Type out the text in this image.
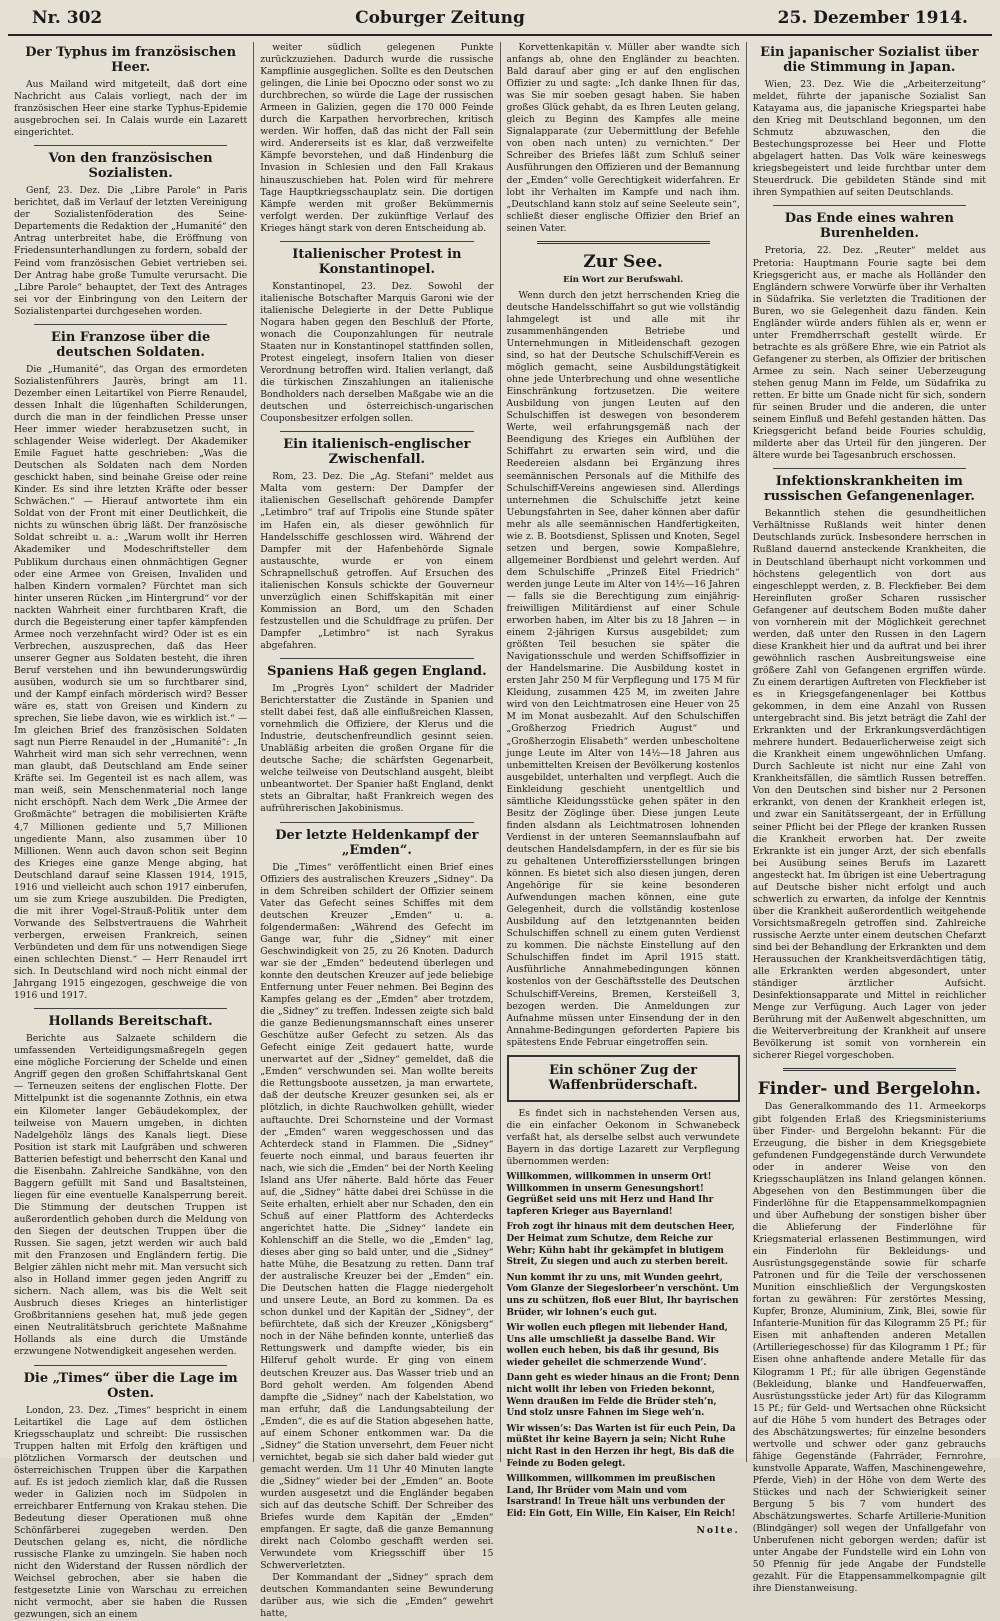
Nr. 302	Coburger Zeitung	25. Dezember 1914.
Der Typhus im französischen Heer.

Aus Mailand wird mitgeteilt, daß dort eine Nachricht aus Calais vorliegt, nach der im französischen Heer eine starke Typhus-Epidemie ausgebrochen sei. In Calais wurde ein Lazarett eingerichtet.

Von den französischen Sozialisten.

Genf, 23. Dez. Die „Libre Parole“ in Paris berichtet, daß im Verlauf der letzten Vereinigung der Sozialistenföderation des Seine-Departements die Redaktion der „Humanité“ den Antrag unterbreitet habe, die Eröffnung von Friedensunterhandlungen zu fordern, sobald der Feind vom französischen Gebiet vertrieben sei. Der Antrag habe große Tumulte verursacht. Die „Libre Parole“ behauptet, der Text des Antrages sei vor der Einbringung von den Leitern der Sozialistenpartei durchgesehen worden.

Ein Franzose über die deutschen Soldaten.

Die „Humanité“, das Organ des ermordeten Sozialistenführers Jaurès, bringt am 11. Dezember einen Leitartikel von Pierre Renaudel, dessen Inhalt die lügenhaften Schilderungen, durch die man in der feindlichen Presse unser Heer immer wieder herabzusetzen sucht, in schlagender Weise widerlegt. Der Akademiker Emile Faguet hatte geschrieben: „Was die Deutschen als Soldaten nach dem Norden geschickt haben, sind beinahe Greise oder reine Kinder. Es sind ihre letzten Kräfte oder besser Schwächen.“ — Hierauf antwortete ihm ein Soldat von der Front mit einer Deutlichkeit, die nichts zu wünschen übrig läßt. Der französische Soldat schreibt u. a.: „Warum wollt ihr Herren Akademiker und Modeschriftsteller dem Publikum durchaus einen ohnmächtigen Gegner oder eine Armee von Greisen, Invaliden und halben Kindern vormalen? Fürchtet man sich hinter unseren Rücken „im Hintergrund“ vor der nackten Wahrheit einer furchtbaren Kraft, die durch die Begeisterung einer tapfer kämpfenden Armee noch verzehnfacht wird? Oder ist es ein Verbrechen, auszusprechen, daß das Heer unserer Gegner aus Soldaten besteht, die ihren Beruf verstehen und ihn bewunderungswürdig ausüben, wodurch sie um so furchtbarer sind, und der Kampf einfach mörderisch wird? Besser wäre es, statt von Greisen und Kindern zu sprechen, Sie liebe davon, wie es wirklich ist.“ — Im gleichen Brief des französischen Soldaten sagt nun Pierre Renaudel in der „Humanité“: „In Wahrheit wird man sich sehr verrechnen, wenn man glaubt, daß Deutschland am Ende seiner Kräfte sei. Im Gegenteil ist es nach allem, was man weiß, sein Menschenmaterial noch lange nicht erschöpft. Nach dem Werk „Die Armee der Großmächte“ betragen die mobilisierten Kräfte 4,7 Millionen gediente und 5,7 Millionen ungediente Mann, also zusammen über 10 Millionen. Wenn auch davon schon seit Beginn des Krieges eine ganze Menge abging, hat Deutschland darauf seine Klassen 1914, 1915, 1916 und vielleicht auch schon 1917 einberufen, um sie zum Kriege auszubilden. Die Predigten, die mit ihrer Vogel-Strauß-Politik unter dem Vorwande des Selbstvertrauens die Wahrheit verbergen, erweisen Frankreich, seinen Verbündeten und dem für uns notwendigen Siege einen schlechten Dienst.“ — Herr Renaudel irrt sich. In Deutschland wird noch nicht einmal der Jahrgang 1915 eingezogen, geschweige die von 1916 und 1917.

Hollands Bereitschaft.

Berichte aus Salzaete schildern die umfassenden Verteidigungsmaßregeln gegen eine mögliche Forcierung der Schelde und einen Angriff gegen den großen Schiffahrtskanal Gent — Terneuzen seitens der englischen Flotte. Der Mittelpunkt ist die sogenannte Zothnis, ein etwa ein Kilometer langer Gebäudekomplex, der teilweise von Mauern umgeben, in dichten Nadelgehölz längs des Kanals liegt. Diese Position ist stark mit Laufgräben und schweren Batterien befestigt und beherrscht den Kanal und die Eisenbahn. Zahlreiche Sandkähne, von den Baggern gefüllt mit Sand und Basaltsteinen, liegen für eine eventuelle Kanalsperrung bereit. Die Stimmung der deutschen Truppen ist außerordentlich gehoben durch die Meldung von den Siegen der deutschen Truppen über die Russen. Sie sagen, jetzt werden wir auch bald mit den Franzosen und Engländern fertig. Die Belgier zählen nicht mehr mit. Man versucht sich also in Holland immer gegen jeden Angriff zu sichern. Nach allem, was bis die Welt seit Ausbruch dieses Krieges an hinterlistiger Großbritanniens gesehen hat, muß jede gegen einen Neutralitätsbruch gerichtete Maßnahme Hollands als eine durch die Umstände erzwungene Notwendigkeit angesehen werden.

Die „Times“ über die Lage im Osten.

London, 23. Dez. „Times“ bespricht in einem Leitartikel die Lage auf dem östlichen Kriegsschauplatz und schreibt: Die russischen Truppen halten mit Erfolg den kräftigen und plötzlichen Vormarsch der deutschen und österreichischen Truppen über die Karpathen auf. Es ist jedoch ziemlich klar, daß die Russen weder in Galizien noch im Südpolen in erreichbarer Entfernung von Krakau stehen. Die Bedeutung dieser Operationen muß ohne Schönfärberei zugegeben werden. Den Deutschen gelang es, nicht, die nördliche russische Flanke zu umzingeln. Sie haben noch nicht den Widerstand der Russen nördlich der Weichsel gebrochen, aber sie haben die festgesetzte Linie von Warschau zu erreichen nicht vermocht, aber sie haben die Russen gezwungen, sich an einem

weiter südlich gelegenen Punkte zurückzuziehen. Dadurch wurde die russische Kampflinie ausgeglichen. Sollte es den Deutschen gelingen, die Linie bei Opoczno oder sonst wo zu durchbrechen, so würde die Lage der russischen Armeen in Galizien, gegen die 170 000 Feinde durch die Karpathen hervorbrechen, kritisch werden. Wir hoffen, daß das nicht der Fall sein wird. Andererseits ist es klar, daß verzweifelte Kämpfe bevorstehen, und daß Hindenburg die Invasion in Schlesien und den Fall Krakaus hinauszuschieben hat. Polen wird für mehrere Tage Hauptkriegsschauplatz sein. Die dortigen Kämpfe werden mit großer Bekümmernis verfolgt werden. Der zukünftige Verlauf des Krieges hängt stark von deren Entscheidung ab.

Italienischer Protest in Konstantinopel.

Konstantinopel, 23. Dez. Sowohl der italienische Botschafter Marquis Garoni wie der italienische Delegierte in der Dette Publique Nogara haben gegen den Beschluß der Pforte, wonach die Couponzahlungen für neutrale Staaten nur in Konstantinopel stattfinden sollen, Protest eingelegt, insofern Italien von dieser Verordnung betroffen wird. Italien verlangt, daß die türkischen Zinszahlungen an italienische Bondholders nach derselben Maßgabe wie an die deutschen und österreichisch-ungarischen Couponsbesitzer erfolgen sollen.

Ein italienisch-englischer Zwischenfall.

Rom, 23. Dez. Die „Ag. Stefani“ meldet aus Malta vom gestern: Der Dampfer der italienischen Gesellschaft gehörende Dampfer „Letimbro“ traf auf Tripolis eine Stunde später im Hafen ein, als dieser gewöhnlich für Handelsschiffe geschlossen wird. Während der Dampfer mit der Hafenbehörde Signale austauschte, wurde er von einem Schrapnellschuß getroffen. Auf Ersuchen des italienischen Konsuls schickte der Gouverneur unverzüglich einen Schiffskapitän mit einer Kommission an Bord, um den Schaden festzustellen und die Schuldfrage zu prüfen. Der Dampfer „Letimbro“ ist nach Syrakus abgefahren.

Spaniens Haß gegen England.

Im „Progrès Lyon“ schildert der Madrider Berichterstatter die Zustände in Spanien und stellt dabei fest, daß alle einflußreichen Klassen, vornehmlich die Offiziere, der Klerus und die Industrie, deutschenfreundlich gesinnt seien. Unabläßig arbeiten die großen Organe für die deutsche Sache; die schärfsten Gegenarbeit, welche teilweise von Deutschland ausgeht, bleibt unbeantwortet. Der Spanier haßt England, denkt stets an Gibraltar, haßt Frankreich wegen des aufrührerischen Jakobinismus.

Der letzte Heldenkampf der „Emden“.

Die „Times“ veröffentlicht einen Brief eines Offiziers des australischen Kreuzers „Sidney“. Da in dem Schreiben schildert der Offizier seinem Vater das Gefecht seines Schiffes mit dem deutschen Kreuzer „Emden“ u. a. folgendermaßen: „Während des Gefecht im Gange war, fuhr die „Sidney“ mit einer Geschwindigkeit von 25, zu 26 Knoten. Dadurch war sie der „Emden“ bedeutend überlegen und konnte den deutschen Kreuzer auf jede beliebige Entfernung unter Feuer nehmen. Bei Beginn des Kampfes gelang es der „Emden“ aber trotzdem, die „Sidney“ zu treffen. Indessen zeigte sich bald die ganze Bedienungsmannschaft eines unserer Geschütze außer Gefecht zu setzen. Als das Gefecht einige Zeit gedauert hatte, wurde unerwartet auf der „Sidney“ gemeldet, daß die „Emden“ verschwunden sei. Man wollte bereits die Rettungsboote aussetzen, ja man erwartete, daß der deutsche Kreuzer gesunken sei, als er plötzlich, in dichte Rauchwolken gehüllt, wieder auftauchte. Drei Schornsteine und der Vormast der „Emden“ waren weggeschossen und das Achterdeck stand in Flammen. Die „Sidney“ feuerte noch einmal, und baraus feuerten ihr nach, wie sich die „Emden“ bei der North Keeling Island ans Ufer näherte. Bald hörte das Feuer auf, die „Sidney“ hätte dabei drei Schüsse in die Seite erhalten, erhielt aber nur Schaden, den ein Schuß auf einer Plattform des Achterdecks angerichtet hatte. Die „Sidney“ landete ein Kohlenschiff an die Stelle, wo die „Emden“ lag, dieses aber ging so bald unter, und die „Sidney“ hatte Mühe, die Besatzung zu retten. Dann traf der australische Kreuzer bei der „Emden“ ein. Die Deutschen hatten die Flagge niedergeholt und unsere Leute, an Bord zu kommen. Da es schon dunkel und der Kapitän der „Sidney“, der befürchtete, daß sich der Kreuzer „Königsberg“ noch in der Nähe befinden konnte, unterließ das Rettungswerk und dampfte wieder, bis ein Hilferuf geholt wurde. Er ging von einem deutschen Kreuzer aus. Das Wasser trieb und an Bord geholt werden. Am folgenden Abend dampfte die „Sidney“ nach der Kabelstation, wo man erfuhr, daß die Landungsabteilung der „Emden“, die es auf die Station abgesehen hatte, auf einem Schoner entkommen war. Da die „Sidney“ die Station unversehrt, dem Feuer nicht vernichtet, begab sie sich daher bald wieder gut gemacht werden. Um 11 Uhr 40 Minuten langte die „Sidney“ wieder bei der „Emden“ an. Boote wurden ausgesetzt und die Engländer begaben sich auf das deutsche Schiff. Der Schreiber des Briefes wurde dem Kapitän der „Emden“ empfangen. Er sagte, daß die ganze Bemannung direkt nach Colombo geschafft werden sei. Verwundete vom Kriegsschiff über 15 Schwerverletzten.

Der Kommandant der „Sidney“ sprach dem deutschen Kommandanten seine Bewunderung darüber aus, wie sich die „Emden“ gewehrt hatte,

Korvettenkapitän v. Müller aber wandte sich anfangs ab, ohne den Engländer zu beachten. Bald darauf aber ging er auf den englischen Offizier zu und sagte: „Ich danke Ihnen für das, was Sie mir soeben gesagt haben. Sie haben großes Glück gehabt, da es Ihren Leuten gelang, gleich zu Beginn des Kampfes alle meine Signalapparate (zur Uebermittlung der Befehle von oben nach unten) zu vernichten.“ Der Schreiber des Briefes läßt zum Schluß seiner Ausführungen den Offizieren und der Bemannung der „Emden“ volle Gerechtigkeit widerfahren. Er lobt ihr Verhalten im Kampfe und nach ihm. „Deutschland kann stolz auf seine Seeleute sein“, schließt dieser englische Offizier den Brief an seinen Vater.

Zur See.
Ein Wort zur Berufswahl.

Wenn durch den jetzt herrschenden Krieg die deutsche Handelsschiffahrt so gut wie vollständig lahmgelegt ist und alle mit ihr zusammenhängenden Betriebe und Unternehmungen in Mitleidenschaft gezogen sind, so hat der Deutsche Schulschiff-Verein es möglich gemacht, seine Ausbildungstätigkeit ohne jede Unterbrechung und ohne wesentliche Einschränkung fortzusetzen. Die weitere Ausbildung von jungen Leuten auf den Schulschiffen ist deswegen von besonderem Werte, weil erfahrungsgemäß nach der Beendigung des Krieges ein Aufblühen der Schiffahrt zu erwarten sein wird, und die Reedereien alsdann bei Ergänzung ihres seemännischen Personals auf die Mithilfe des Schulschiff-Vereins angewiesen sind. Allerdings unternehmen die Schulschiffe jetzt keine Uebungsfahrten in See, daher können aber dafür mehr als alle seemännischen Handfertigkeiten, wie z. B. Bootsdienst, Splissen und Knoten, Segel setzen und bergen, sowie Kompaßlehre, allgemeiner Bordbienst und gelehrt werden. Auf dem Schulschiffe „Prinzeß Eitel Friedrich“ werden junge Leute im Alter von 14½—16 Jahren — falls sie die Berechtigung zum einjährig-freiwilligen Militärdienst auf einer Schule erworben haben, im Alter bis zu 18 Jahren — in einem 2-jährigen Kursus ausgebildet; zum größten Teil besuchen sie später die Navigationsschule und werden Schiffsoffizier in der Handelsmarine. Die Ausbildung kostet in ersten Jahr 250 M für Verpflegung und 175 M für Kleidung, zusammen 425 M, im zweiten Jahre wird von den Leichtmatrosen eine Heuer von 25 M im Monat ausbezahlt. Auf den Schulschiffen „Großherzog Friedrich August“ und „Großherzogin Elisabeth“ werden unbescholtene junge Leute im Alter von 14½—18 Jahren aus unbemittelten Kreisen der Bevölkerung kostenlos ausgebildet, unterhalten und verpflegt. Auch die Einkleidung geschieht unentgeltlich und sämtliche Kleidungsstücke gehen später in den Besitz der Zöglinge über. Diese jungen Leute finden alsdann als Leichtmatrosen lohnenden Verdienst in der unteren Seemannslaufbahn auf deutschen Handelsdampfern, in der es für sie bis zu gehaltenen Unteroffiziersstellungen bringen können. Es bietet sich also diesen jungen, deren Angehörige für sie keine besonderen Aufwendungen machen können, eine gute Gelegenheit, durch die vollständig kostenlose Ausbildung auf den letztgenannten beiden Schulschiffen schnell zu einem guten Verdienst zu kommen. Die nächste Einstellung auf den Schulschiffen findet im April 1915 statt. Ausführliche Annahmebedingungen können kostenlos von der Geschäftsstelle des Deutschen Schulschiff-Vereins, Bremen, Kersteißell 3, bezogen werden. Die Anmeldungen zur Aufnahme müssen unter Einsendung der in den Annahme-Bedingungen geforderten Papiere bis spätestens Ende Februar eingetroffen sein.

Ein schöner Zug der Waffenbrüderschaft.

Es findet sich in nachstehenden Versen aus, die ein einfacher Oekonom in Schwanebeck verfaßt hat, als derselbe selbst auch verwundete Bayern in das dortige Lazarett zur Verpflegung übernommen werden:

Willkommen, willkommen in unserm Ort! Willkommen in unserm Genesungshort! Gegrüßet seid uns mit Herz und Hand Ihr tapferen Krieger aus Bayernland!

Froh zogt ihr hinaus mit dem deutschen Heer, Der Heimat zum Schutze, dem Reiche zur Wehr; Kühn habt ihr gekämpfet in blutigem Streit, Zu siegen und auch zu sterben bereit.

Nun kommt ihr zu uns, mit Wunden geehrt, Vom Glanze der Siegeslorbeer’n verschönt. Um uns zu schützen, floß euer Blut, Ihr bayrischen Brüder, wir lohnen’s euch gut.

Wir wollen euch pflegen mit liebender Hand, Uns alle umschließt ja dasselbe Band. Wir wollen euch heben, bis daß ihr gesund, Bis wieder geheilet die schmerzende Wund’.

Dann geht es wieder hinaus an die Front; Denn nicht wollt ihr leben von Frieden bekonnt, Wenn draußen im Felde die Brüder steh’n, Und stolz unsre Fahnen im Siege weh’n.

Wir wissen’s: Das Warten ist für euch Pein, Da müßtet ihr keine Bayern ja sein; Nicht Ruhe nicht Rast in den Herzen ihr hegt, Bis daß die Feinde zu Boden gelegt.

Willkommen, willkommen im preußischen Land, Ihr Brüder vom Main und vom Isarstrand! In Treue hält uns verbunden der Eid: Ein Gott, Ein Wille, Ein Kaiser, Ein Reich!

Nolte.
Ein japanischer Sozialist über die Stimmung in Japan.

Wien, 23. Dez. Wie die „Arbeiterzeitung“ meldet, führte der japanische Sozialist San Katayama aus, die japanische Kriegspartei habe den Krieg mit Deutschland begonnen, um den Schmutz abzuwaschen, den die Bestechungsprozesse bei Heer und Flotte abgelagert hatten. Das Volk wäre keineswegs kriegsbegeistert und leide furchtbar unter dem Steuerdruck. Die gebildeten Stände sind mit ihren Sympathien auf seiten Deutschlands.

Das Ende eines wahren Burenhelden.

Pretoria, 22. Dez. „Reuter“ meldet aus Pretoria: Hauptmann Fourie sagte bei dem Kriegsgericht aus, er mache als Holländer den Engländern schwere Vorwürfe über ihr Verhalten in Südafrika. Sie verletzten die Traditionen der Buren, wo sie Gelegenheit dazu fänden. Kein Engländer würde anders fühlen als er, wenn er unter Fremdherrschaft gestellt würde. Er betrachte es als größere Ehre, wie ein Patriot als Gefangener zu sterben, als Offizier der britischen Armee zu sein. Nach seiner Ueberzeugung stehen genug Mann im Felde, um Südafrika zu retten. Er bitte um Gnade nicht für sich, sondern für seinen Bruder und die anderen, die unter seinem Einfluß und Befehl gestanden hätten. Das Kriegsgericht befand beide Fouries schuldig, milderte aber das Urteil für den jüngeren. Der ältere wurde bei Tagesanbruch erschossen.

Infektionskrankheiten im russischen Gefangenenlager.

Bekanntlich stehen die gesundheitlichen Verhältnisse Rußlands weit hinter denen Deutschlands zurück. Insbesondere herrschen in Rußland dauernd ansteckende Krankheiten, die in Deutschland überhaupt nicht vorkommen und höchstens gelegentlich von dort aus eingeschleppt werden, z. B. Fleckfieber. Bei dem Hereinfluten großer Scharen russischer Gefangener auf deutschem Boden mußte daher von vornherein mit der Möglichkeit gerechnet werden, daß unter den Russen in den Lagern diese Krankheit hier und da auftrat und bei ihrer gewöhnlich raschen Ausbreitungsweise eine größere Zahl von Gefangenen ergriffen würde. Zu einem derartigen Auftreten von Fleckfieber ist es in Kriegsgefangenenlager bei Kottbus gekommen, in dem eine Anzahl von Russen untergebracht sind. Bis jetzt beträgt die Zahl der Erkrankten und der Erkrankungsverdächtigen mehrere hundert. Bedauerlicherweise zeigt sich die Krankheit einem ungewöhnlichen Umfang. Durch Sachleute ist nicht nur eine Zahl von Krankheitsfällen, die sämtlich Russen betreffen. Von den Deutschen sind bisher nur 2 Personen erkrankt, von denen der Krankheit erlegen ist, und zwar ein Sanitätssergeant, der in Erfüllung seiner Pflicht bei der Pflege der kranken Russen die Krankheit erworben hat. Der zweite Erkrankte ist ein junger Arzt, der sich ebenfalls bei Ausübung seines Berufs im Lazarett angesteckt hat. Im übrigen ist eine Uebertragung auf Deutsche bisher nicht erfolgt und auch schwerlich zu erwarten, da infolge der Kenntnis über die Krankheit außerordentlich weitgehende Vorsichtsmaßregeln getroffen sind. Zahlreiche russische Aerzte unter einem deutschen Chefarzt sind bei der Behandlung der Erkrankten und dem Heraussuchen der Krankheitsverdächtigen tätig, alle Erkrankten werden abgesondert, unter ständiger ärztlicher Aufsicht. Desinfektionsapparate und Mittel in reichlicher Menge zur Verfügung. Auch Lager von jeder Berührung mit der Außenwelt abgeschnitten, um die Weiterverbreitung der Krankheit auf unsere Bevölkerung ist somit von vornherein ein sicherer Riegel vorgeschoben.

Finder- und Bergelohn.

Das Generalkommando des 11. Armeekorps gibt folgenden Erlaß des Kriegsministeriums über Finder- und Bergelohn bekannt: Für die Erzeugung, die bisher in dem Kriegsgebiete gefundenen Fundgegenstände durch Verwundete oder in anderer Weise von den Kriegsschauplätzen ins Inland gelangen können. Abgesehen von den Bestimmungen über die Finderlöhne für die Etappensammelkompagnien und über Aufhebung der sonstigen bisher über die Ablieferung der Finderlöhne für Kriegsmaterial erlassenen Bestimmungen, wird ein Finderlohn für Bekleidungs- und Ausrüstungsgegenstände sowie für scharfe Patronen und für die Teile der verschossenen Munition einschließlich der Vergungskosten fortan zu gewähren: Für zerstörtes Messing, Kupfer, Bronze, Aluminium, Zink, Blei, sowie für Infanterie-Munition für das Kilogramm 25 Pf.; für Eisen mit anhaftenden anderen Metallen (Artilleriegeschosse) für das Kilogramm 1 Pf.; für Eisen ohne anhaftende andere Metalle für das Kilogramm 1 Pf.; für alle übrigen Gegenstände (Bekleidung, blanke und Handfeuerwaffen, Ausrüstungsstücke jeder Art) für das Kilogramm 15 Pf.; für Geld- und Wertsachen ohne Rücksicht auf die Höhe 5 vom hundert des Betrages oder des Abschätzungswertes; für einzelne besonders wertvolle und schwer oder ganz gebrauchs fähige Gegenstände (Fahrräder, Fernrohre, kunstvolle Apparate, Waffen, Maschinengewehre, Pferde, Vieh) in der Höhe von dem Werte des Stückes und nach der Schwierigkeit seiner Bergung 5 bis 7 vom hundert des Abschätzungswertes. Scharfe Artillerie-Munition (Blindgänger) soll wegen der Unfallgefahr von Unberufenen nicht geborgen werden; dafür ist unter Angabe der Fundstelle wird ein Lohn von 50 Pfennig für jede Angabe der Fundstelle gezahlt. Für die Etappensammelkompagnie gilt ihre Dienstanweisung.
